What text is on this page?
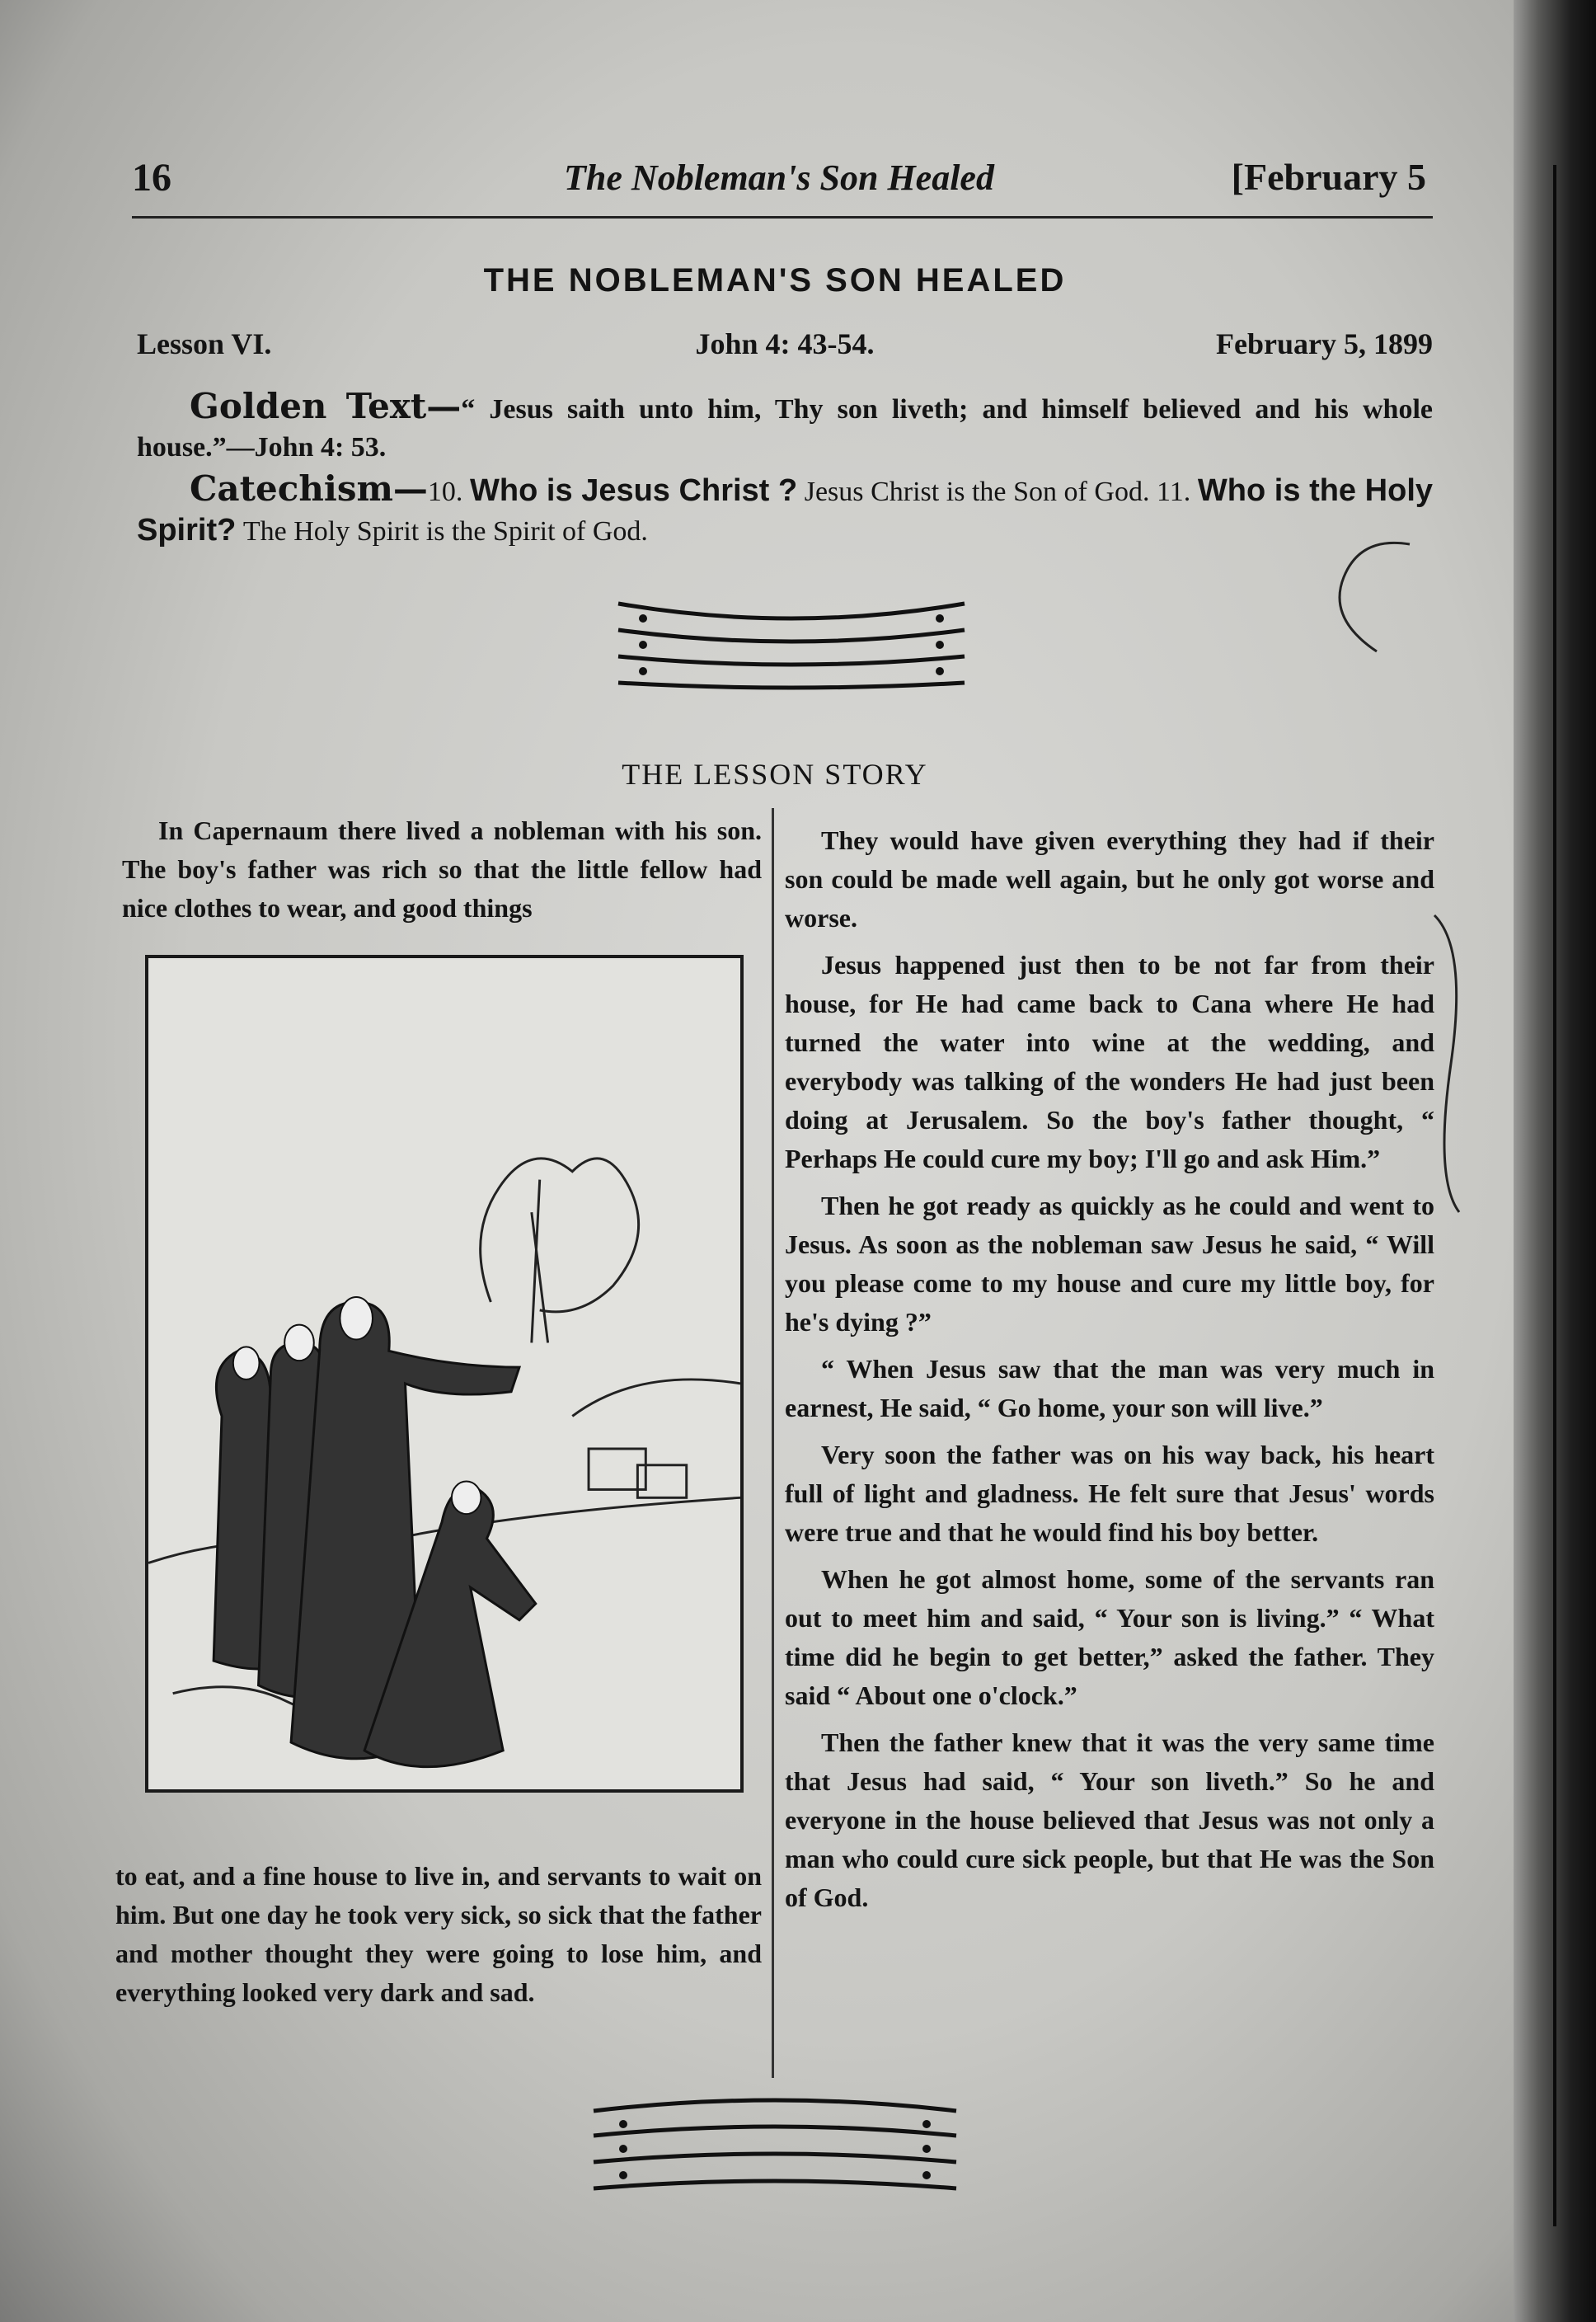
16	The Nobleman's Son Healed	[February 5
THE NOBLEMAN'S SON HEALED
Lesson VI.	John 4: 43-54.	February 5, 1899
Golden Text—“ Jesus saith unto him, Thy son liveth; and himself believed and his whole house.”—John 4: 53.
Catechism—10. Who is Jesus Christ ? Jesus Christ is the Son of God. 11. Who is the Holy Spirit? The Holy Spirit is the Spirit of God.
THE LESSON STORY

In Capernaum there lived a nobleman with his son. The boy's father was rich so that the little fellow had nice clothes to wear, and good things

to eat, and a fine house to live in, and servants to wait on him. But one day he took very sick, so sick that the father and mother thought they were going to lose him, and everything looked very dark and sad.

They would have given everything they had if their son could be made well again, but he only got worse and worse.

Jesus happened just then to be not far from their house, for He had came back to Cana where He had turned the water into wine at the wedding, and everybody was talking of the wonders He had just been doing at Jerusalem. So the boy's father thought, “ Perhaps He could cure my boy; I'll go and ask Him.”

Then he got ready as quickly as he could and went to Jesus. As soon as the nobleman saw Jesus he said, “ Will you please come to my house and cure my little boy, for he's dying ?”

“ When Jesus saw that the man was very much in earnest, He said, “ Go home, your son will live.”

Very soon the father was on his way back, his heart full of light and gladness. He felt sure that Jesus' words were true and that he would find his boy better.

When he got almost home, some of the servants ran out to meet him and said, “ Your son is living.” “ What time did he begin to get better,” asked the father. They said “ About one o'clock.”

Then the father knew that it was the very same time that Jesus had said, “ Your son liveth.” So he and everyone in the house believed that Jesus was not only a man who could cure sick people, but that He was the Son of God.
